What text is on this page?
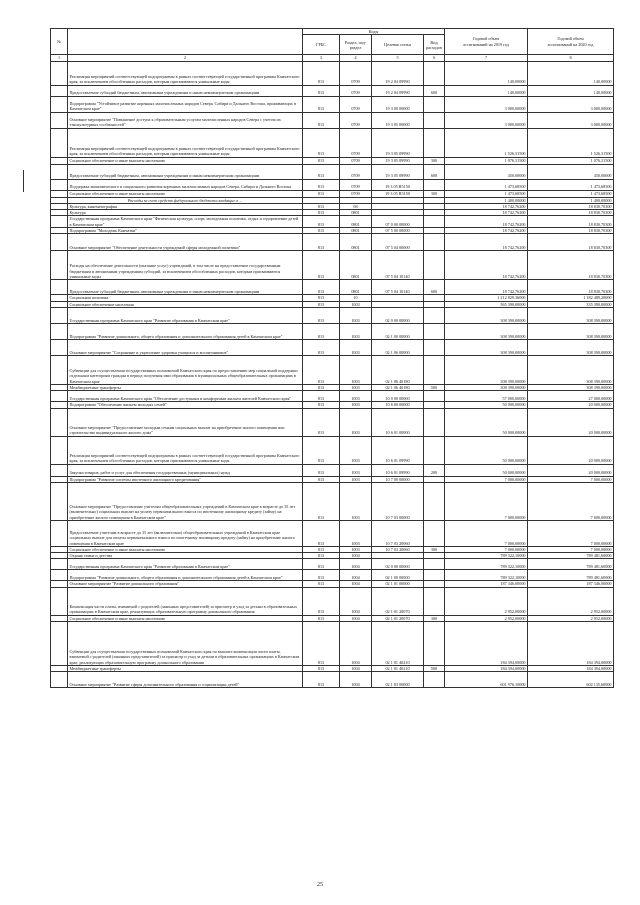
№		Коды				Годовой объем
ассигнований на 2019 год	Годовой объем
ассигнований на 2020 год
		ГРБС	Раздел, под-
раздел	Целевая статья	Вид
расходов		
1	2	3	4	5	6	7	8
	Реализация мероприятий соответствующей подпрограммы в рамках соответствующей государственной программы Камчатского края, за исключением обособленных расходов, которым присваиваются уникальные коды	813	0709	19 2 04 09990		140,00000	140,00000
	Предоставление субсидий бюджетным, автономным учреждениям и иным некоммерческим организациям	813	0709	19 2 04 09990	600	140,00000	140,00000
	Подпрограмма "Устойчивое развитие коренных малочисленных народов Севера, Сибири и Дальнего Востока, проживающих в Камчатском крае"	813	0709	19 3 00 00000		3 000,00000	3 000,00000
	Основное мероприятие "Повышение доступа к образовательным услугам малочисленных народов Севера с учетом их этнокультурных особенностей"	813	0709	19 3 05 00000		3 000,00000	3 000,00000
	Реализация мероприятий соответствующей подпрограммы в рамках соответствующей государственной программы Камчатского края, за исключением обособленных расходов, которым присваиваются уникальные коды	813	0709	19 3 05 09990		1 526,31500	1 526,31500
	Социальное обеспечение и иные выплаты населению	813	0709	19 3 05 09990	300	1 076,31500	1 076,31500
	Предоставление субсидий бюджетным, автономным учреждениям и иным некоммерческим организациям	813	0709	19 3 05 09990	600	450,00000	450,00000
	Поддержка экономического и социального развития коренных малочисленных народов Севера, Сибири и Дальнего Востока	813	0709	19 3 05 R5150		1 473,68500	1 473,68500
	Социальное обеспечение и иные выплаты населению	813	0709	19 3 05 R5150	300	1 473,68500	1 473,68500
	Расходы за счет средств федерального бюджета входящие в ...					1 400,00000	1 400,00000
	Культура, кинематография	813	08			18 742,76200	18 830,70300
	Культура	813	0801			18 742,76200	18 830,70300
	Государственная программа Камчатского края "Физическая культура, спорт, молодежная политика, отдых и оздоровление детей в Камчатском крае"	813	0801	07 0 00 00000		18 742,76200	18 830,70300
	Подпрограмма "Молодежь Камчатки"	813	0801	07 5 00 00000		18 742,76200	18 830,70300
	Основное мероприятие "Обеспечение деятельности учреждений сферы молодежной политики"	813	0801	07 5 04 00000		18 742,76200	18 830,70300
	Расходы на обеспечение деятельности (оказание услуг) учреждений, в том числе на предоставление государственным бюджетным и автономным учреждениям субсидий, за исключением обособленных расходов, которым присваиваются уникальные коды	813	0801	07 5 04 10140		18 742,76200	18 830,70300
	Предоставление субсидий бюджетным, автономным учреждениям и иным некоммерческим организациям	813	0801	07 5 04 10140	600	18 742,76200	18 830,70300
	Социальная политика	813	10			1 212 829,36000	1 182 489,20000
	Социальное обеспечение населения	813	1003			365 390,00000	335 390,00000
	Государственная программа Камчатского края "Развитие образования в Камчатском крае"	813	1003	02 0 00 00000		308 390,00000	308 390,00000
	Подпрограмма "Развитие дошкольного, общего образования и дополнительного образования детей в Камчатском крае"	813	1003	02 1 00 00000		308 390,00000	308 390,00000
	Основное мероприятие "Сохранение и укрепление здоровья учащихся и воспитанников"	813	1003	02 1 06 00000		308 390,00000	308 390,00000
	Субвенции для осуществления государственных полномочий Камчатского края по предоставлению мер социальной поддержки отдельным категориям граждан в период получения ими образования в муниципальных общеобразовательных организациях в Камчатском крае	813	1003	02 1 06 40180		308 390,00000	308 390,00000
	Межбюджетные трансферты	813	1003	02 1 06 40180	500	308 390,00000	308 390,00000
	Государственная программа Камчатского края "Обеспечение доступным и комфортным жильем жителей Камчатского края"	813	1003	10 0 00 00000		57 000,00000	27 000,00000
	Подпрограмма "Обеспечение жильем молодых семей"	813	1003	10 6 00 00000		50 000,00000	20 000,00000
	Основное мероприятие "Предоставление молодым семьям социальных выплат на приобретение жилого помещения или строительство индивидуального жилого дома"	813	1003	10 6 01 00000		50 000,00000	20 000,00000
	Реализация мероприятий соответствующей подпрограммы в рамках соответствующей государственной программы Камчатского края, за исключением обособленных расходов, которым присваиваются уникальные коды	813	1003	10 6 01 09990		50 000,00000	20 000,00000
	Закупка товаров, работ и услуг для обеспечения государственных (муниципальных) нужд	813	1003	10 6 01 09990	200	50 000,00000	20 000,00000
	Подпрограмма "Развитие системы ипотечного жилищного кредитования"	813	1003	10 7 00 00000		7 000,00000	7 000,00000
	Основное мероприятие "Предоставление учителям общеобразовательных учреждений в Камчатском крае в возрасте до 35 лет (включительно) социальных выплат на уплату первоначального взноса по ипотечному жилищному кредиту (займу) на приобретение жилого помещения в Камчатском крае"	813	1003	10 7 03 00000		7 000,00000	7 000,00000
	Предоставление учителям в возрасте до 35 лет (включительно) общеобразовательных учреждений в Камчатском крае социальных выплат для оплаты первоначального взноса по ипотечному жилищному кредиту (займу) на приобретение жилого помещения в Камчатском крае	813	1003	10 7 03 20060		7 000,00000	7 000,00000
	Социальное обеспечение и иные выплаты населению	813	1003	10 7 03 20060	300	7 000,00000	7 000,00000
	Охрана семьи и детства	813	1004			789 322,10000	789 481,60000
	Государственная программа Камчатского края "Развитие образования в Камчатском крае"	813	1004	02 0 00 00000		789 322,10000	789 481,60000
	Подпрограмма "Развитие дошкольного, общего образования и дополнительного образования детей в Камчатском крае"	813	1004	02 1 00 00000		789 322,10000	789 481,60000
	Основное мероприятие "Развитие дошкольного образования"	813	1004	02 1 01 00000		187 346,00000	187 346,00000
	Компенсация части платы, взимаемой с родителей (законных представителей) за присмотр и уход за детьми в образовательных организациях в Камчатском крае, реализующих образовательную программу дошкольного образования	813	1004	02 1 01 20070		2 952,00000	2 952,00000
	Социальное обеспечение и иные выплаты населению	813	1004	02 1 01 20070	300	2 952,00000	2 952,00000
	Субвенции для осуществления государственных полномочий Камчатского края по выплате компенсации части платы, взимаемой с родителей (законных представителей) за присмотр и уход за детьми в образовательных организациях в Камчатском крае, реализующих образовательную программу дошкольного образования	813	1004	02 1 01 40210		184 394,00000	184 394,00000
	Межбюджетные трансферты	813	1004	02 1 01 40210	500	184 394,00000	184 394,00000
	Основное мероприятие "Развитие сферы дополнительного образования и социализации детей"	813	1004	02 1 03 00000		601 976,10000	602 135,60000
25
